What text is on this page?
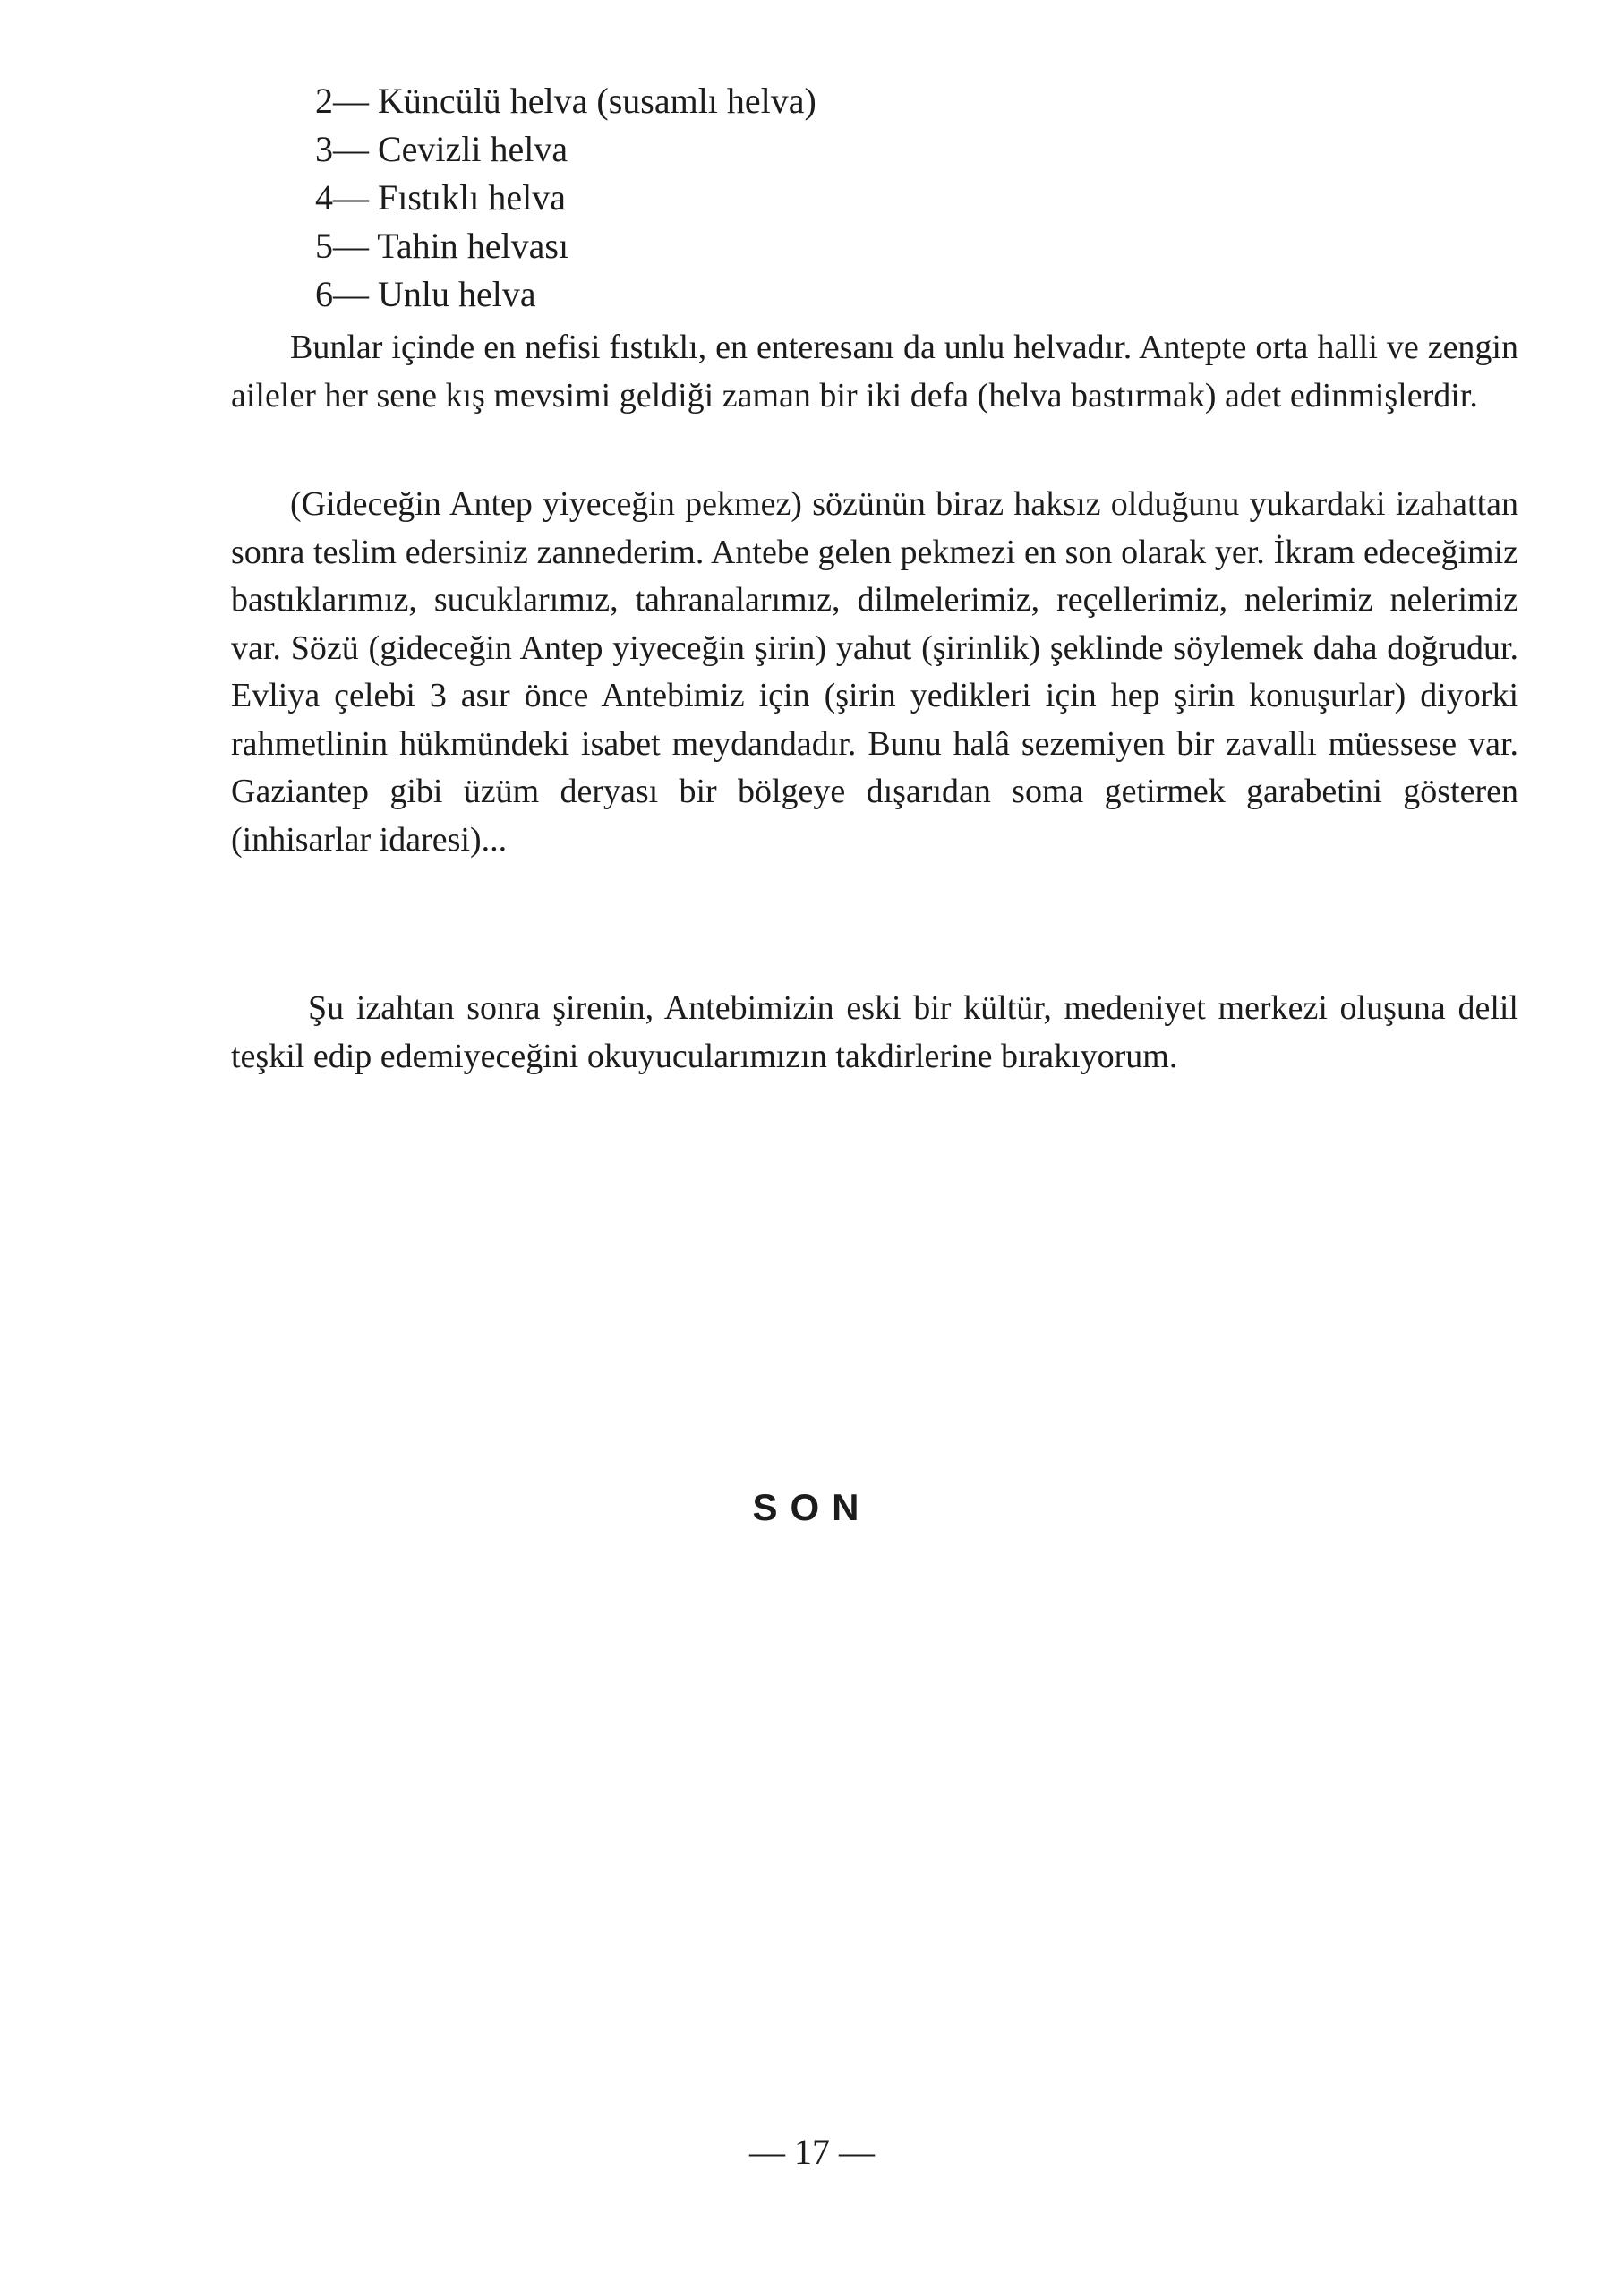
2— Küncülü helva (susamlı helva)
3— Cevizli helva
4— Fıstıklı helva
5— Tahin helvası
6— Unlu helva

Bunlar içinde en nefisi fıstıklı, en enteresanı da unlu helvadır. Antepte orta halli ve zengin aileler her sene kış mevsimi geldiği zaman bir iki defa (helva bastırmak) adet edinmişlerdir.

(Gideceğin Antep yiyeceğin pekmez) sözünün biraz haksız olduğunu yukardaki izahattan sonra teslim edersiniz zannederim. Antebe gelen pekmezi en son olarak yer. İkram edeceğimiz bastıklarımız, sucuklarımız, tahranalarımız, dilmelerimiz, reçellerimiz, nelerimiz nelerimiz var. Sözü (gideceğin Antep yiyeceğin şirin) yahut (şirinlik) şeklinde söylemek daha doğrudur. Evliya çelebi 3 asır önce Antebimiz için (şirin yedikleri için hep şirin konuşurlar) diyorki rahmetlinin hükmündeki isabet meydandadır. Bunu halâ sezemiyen bir zavallı müessese var. Gaziantep gibi üzüm deryası bir bölgeye dışarıdan soma getirmek garabetini gösteren (inhisarlar idaresi)...

Şu izahtan sonra şirenin, Antebimizin eski bir kültür, medeniyet merkezi oluşuna delil teşkil edip edemiyeceğini okuyucularımızın takdirlerine bırakıyorum.

SON
— 17 —
